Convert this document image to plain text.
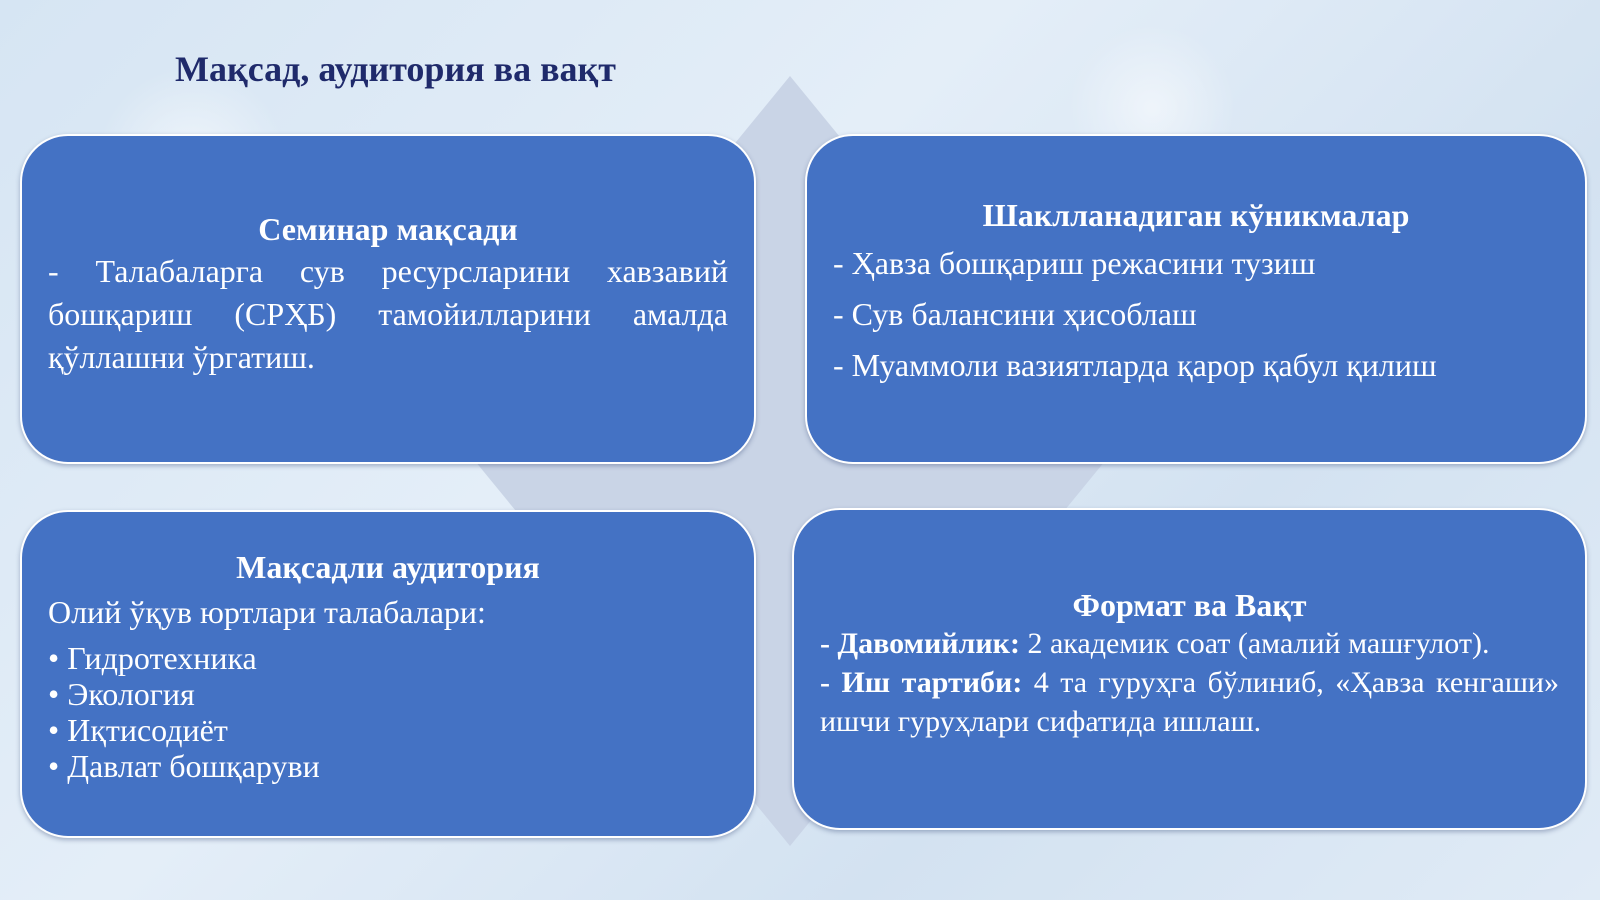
Мақсад, аудитория ва вақт
Семинар мақсади

- Талабаларга сув ресурсларини хавзавий бошқариш (СРҲБ) тамойилларини амалда қўллашни ўргатиш.

Шаклланадиган кўникмалар
- Ҳавза бошқариш режасини тузиш
- Сув балансини ҳисоблаш
- Муаммоли вазиятларда қарор қабул қилиш
Мақсадли аудитория
Олий ўқув юртлари талабалари:
• Гидротехника
• Экология
• Иқтисодиёт
• Давлат бошқаруви
Формат ва Вақт

- Давомийлик: 2 академик соат (амалий машғулот).

- Иш тартиби: 4 та гуруҳга бўлиниб, «Ҳавза кенгаши» ишчи гуруҳлари сифатида ишлаш.
